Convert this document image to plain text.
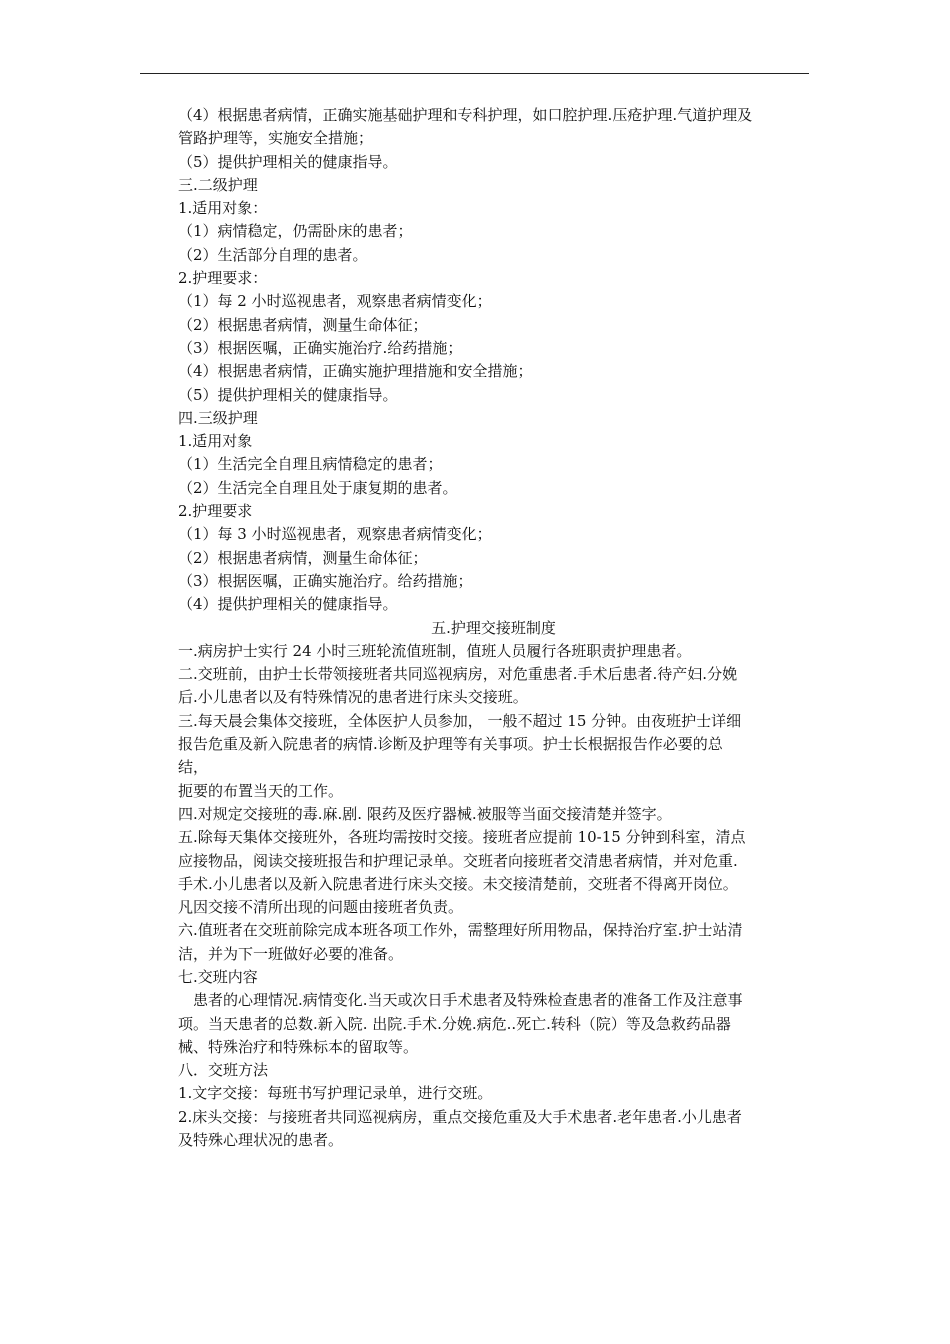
（4）根据患者病情，正确实施基础护理和专科护理，如口腔护理.压疮护理.气道护理及
管路护理等，实施安全措施；
（5）提供护理相关的健康指导。
三.二级护理
1.适用对象：
（1）病情稳定，仍需卧床的患者；
（2）生活部分自理的患者。
2.护理要求：
（1）每 2 小时巡视患者，观察患者病情变化；
（2）根据患者病情，测量生命体征；
（3）根据医嘱，正确实施治疗.给药措施；
（4）根据患者病情，正确实施护理措施和安全措施；
（5）提供护理相关的健康指导。
四.三级护理
1.适用对象
（1）生活完全自理且病情稳定的患者；
（2）生活完全自理且处于康复期的患者。
2.护理要求
（1）每 3 小时巡视患者，观察患者病情变化；
（2）根据患者病情，测量生命体征；
（3）根据医嘱，正确实施治疗。给药措施；
（4）提供护理相关的健康指导。
五.护理交接班制度
一.病房护士实行 24 小时三班轮流值班制，值班人员履行各班职责护理患者。
二.交班前，由护士长带领接班者共同巡视病房，对危重患者.手术后患者.待产妇.分娩
后.小儿患者以及有特殊情况的患者进行床头交接班。
三.每天晨会集体交接班，全体医护人员参加， 一般不超过 15 分钟。由夜班护士详细
报告危重及新入院患者的病情.诊断及护理等有关事项。护士长根据报告作必要的总
结，
扼要的布置当天的工作。
四.对规定交接班的毒.麻.剧. 限药及医疗器械.被服等当面交接清楚并签字。
五.除每天集体交接班外，各班均需按时交接。接班者应提前 10-15 分钟到科室，清点
应接物品，阅读交接班报告和护理记录单。交班者向接班者交清患者病情，并对危重.
手术.小儿患者以及新入院患者进行床头交接。未交接清楚前，交班者不得离开岗位。
凡因交接不清所出现的问题由接班者负责。
六.值班者在交班前除完成本班各项工作外，需整理好所用物品，保持治疗室.护士站清
洁，并为下一班做好必要的准备。
七.交班内容
　患者的心理情况.病情变化.当天或次日手术患者及特殊检查患者的准备工作及注意事
项。当天患者的总数.新入院. 出院.手术.分娩.病危..死亡.转科（院）等及急救药品器
械、特殊治疗和特殊标本的留取等。
八．交班方法
1.文字交接：每班书写护理记录单，进行交班。
2.床头交接：与接班者共同巡视病房，重点交接危重及大手术患者.老年患者.小儿患者
及特殊心理状况的患者。
